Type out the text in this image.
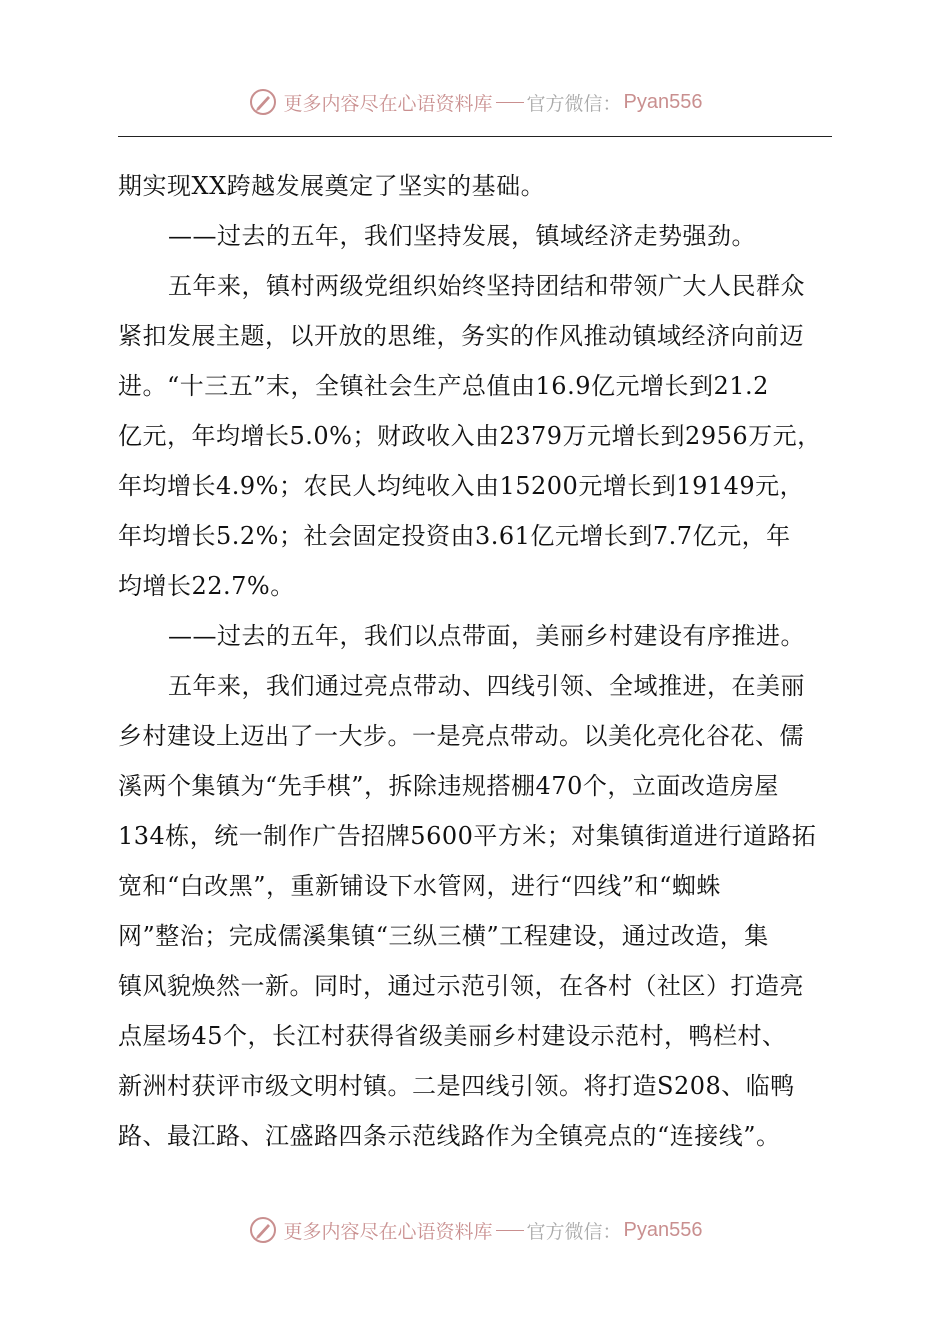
更多内容尽在心语资料库 官方微信： Pyan556
期实现XX跨越发展奠定了坚实的基础。
——过去的五年，我们坚持发展，镇域经济走势强劲。
五年来，镇村两级党组织始终坚持团结和带领广大人民群众
紧扣发展主题，以开放的思维，务实的作风推动镇域经济向前迈
进。“十三五”末，全镇社会生产总值由16.9亿元增长到21.2
亿元，年均增长5.0%；财政收入由2379万元增长到2956万元，
年均增长4.9%；农民人均纯收入由15200元增长到19149元，
年均增长5.2%；社会固定投资由3.61亿元增长到7.7亿元，年
均增长22.7%。
——过去的五年，我们以点带面，美丽乡村建设有序推进。
五年来，我们通过亮点带动、四线引领、全域推进，在美丽
乡村建设上迈出了一大步。一是亮点带动。以美化亮化谷花、儒
溪两个集镇为“先手棋”，拆除违规搭棚470个，立面改造房屋
134栋，统一制作广告招牌5600平方米；对集镇街道进行道路拓
宽和“白改黑”，重新铺设下水管网，进行“四线”和“蜘蛛
网”整治；完成儒溪集镇“三纵三横”工程建设，通过改造，集
镇风貌焕然一新。同时，通过示范引领，在各村（社区）打造亮
点屋场45个，长江村获得省级美丽乡村建设示范村，鸭栏村、
新洲村获评市级文明村镇。二是四线引领。将打造S208、临鸭
路、最江路、江盛路四条示范线路作为全镇亮点的“连接线”。
更多内容尽在心语资料库 官方微信： Pyan556
